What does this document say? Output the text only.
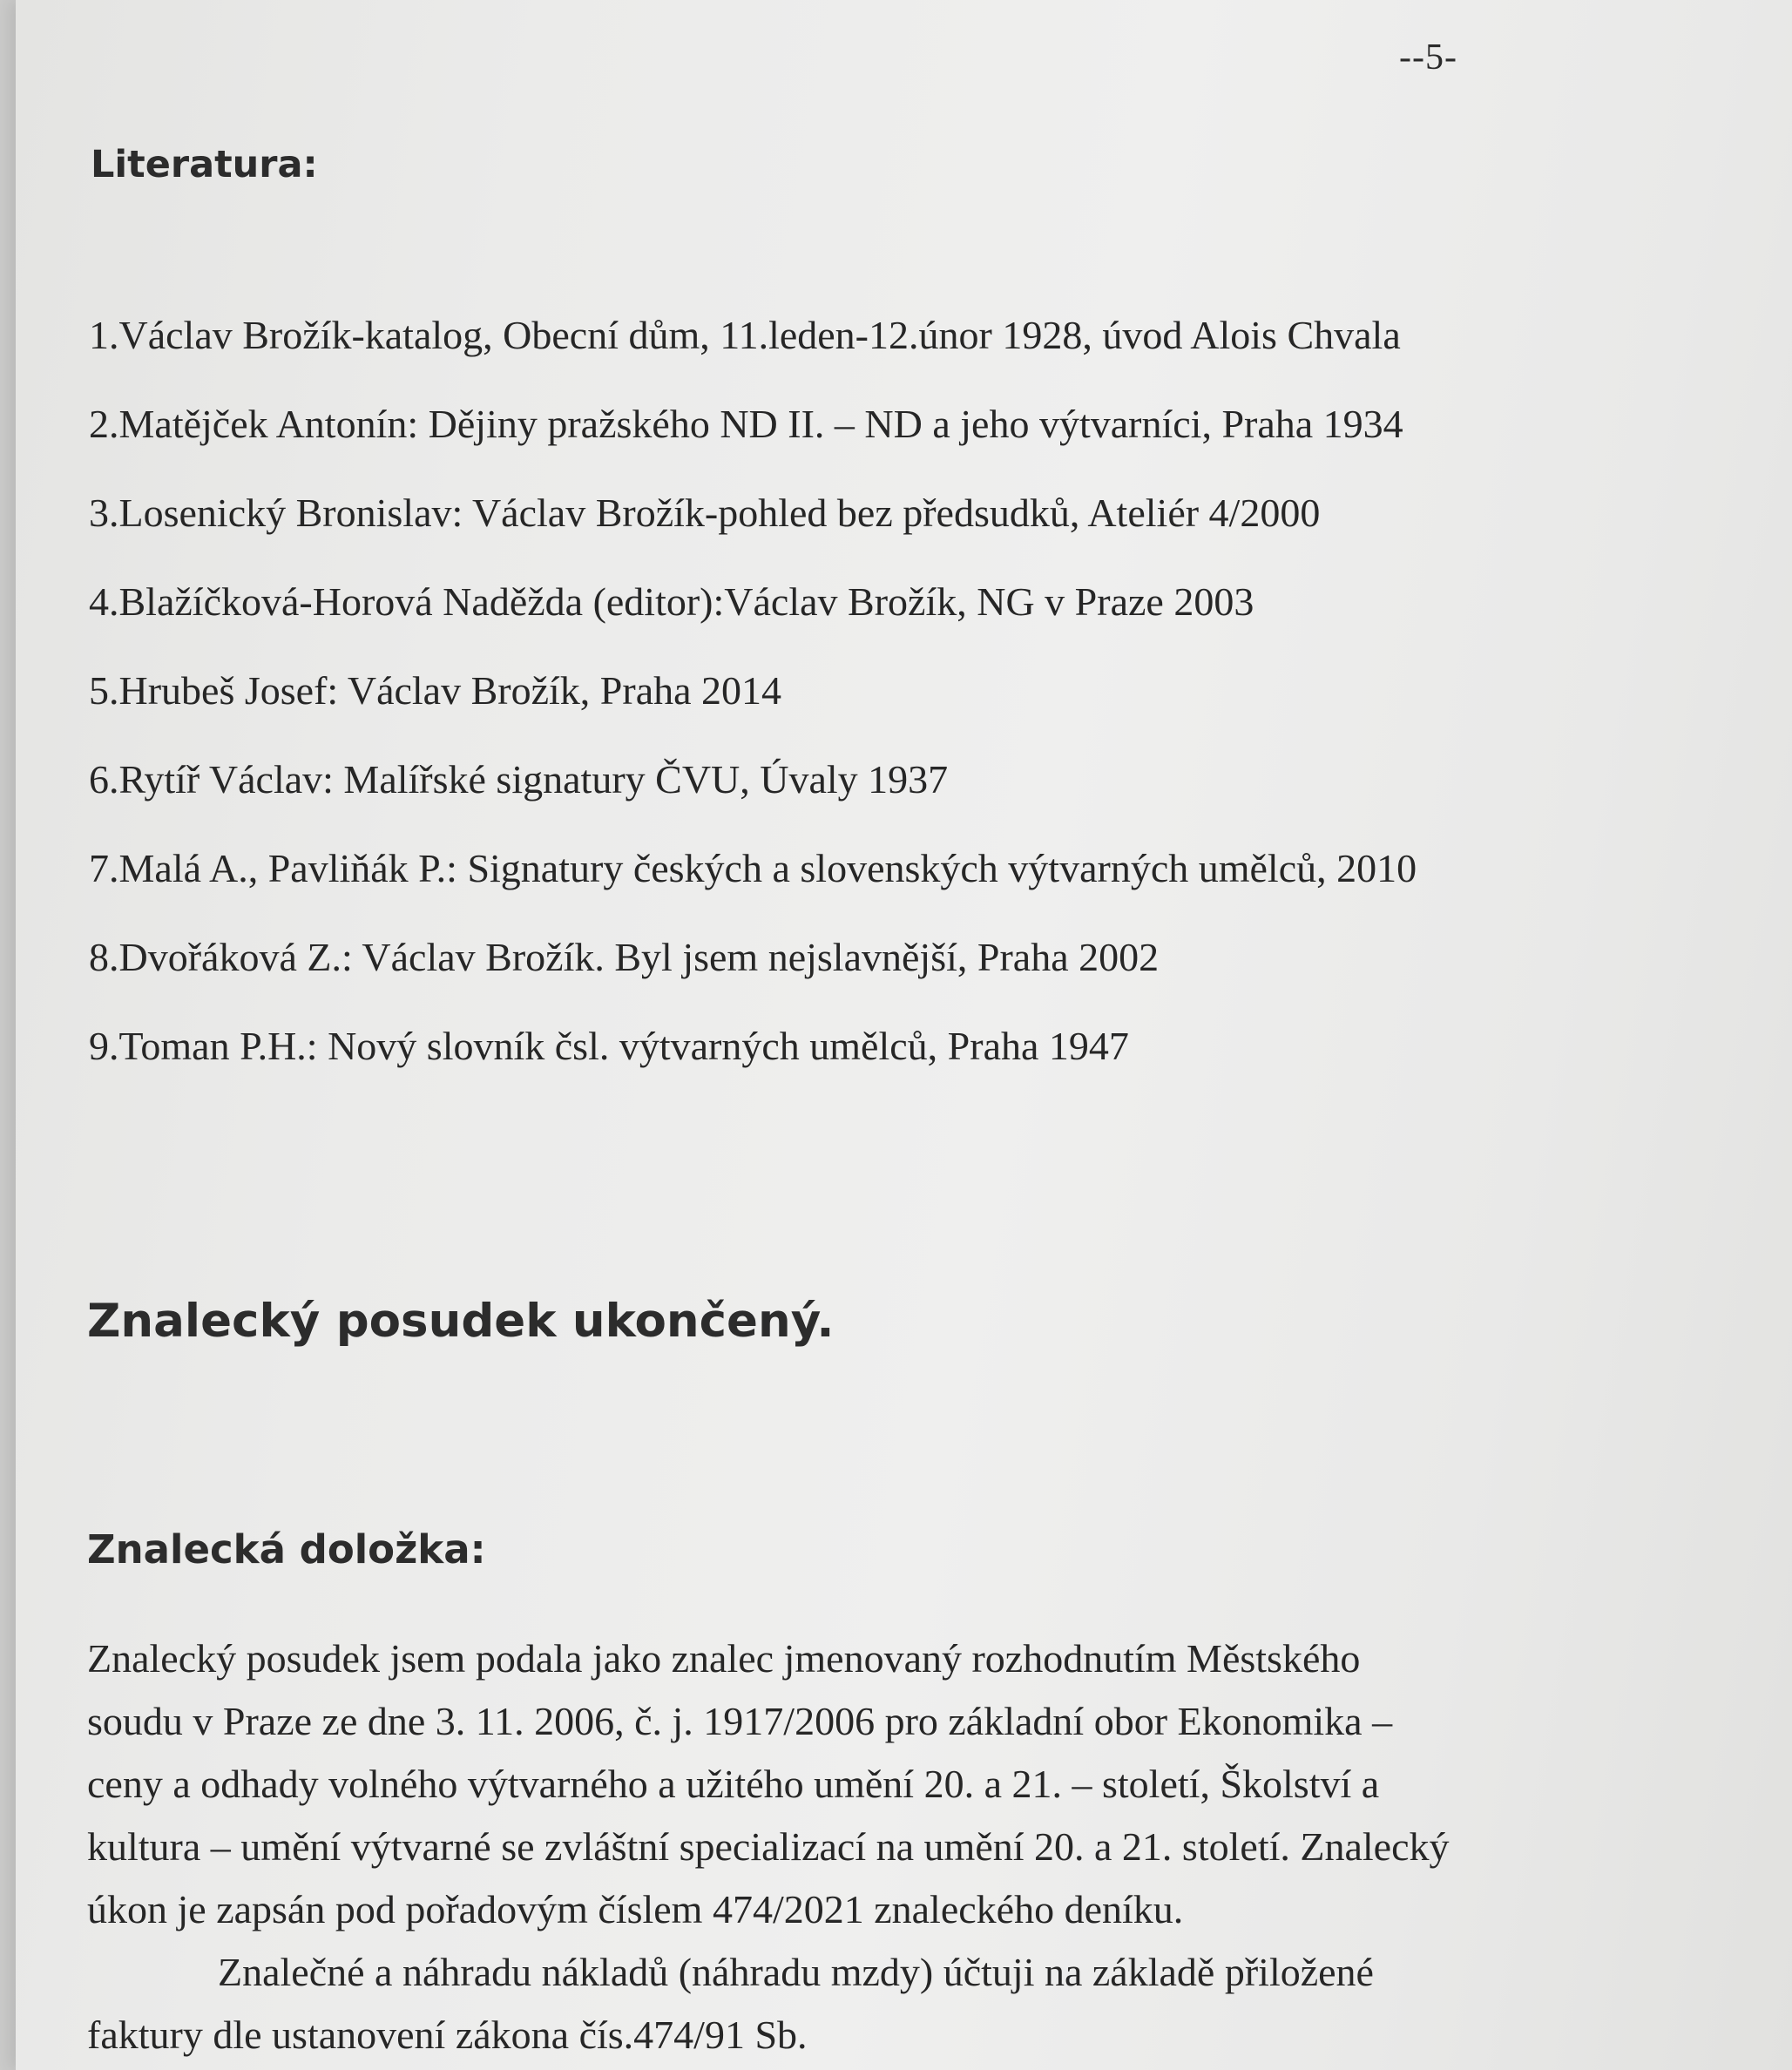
--5-
Literatura:
1.Václav Brožík-katalog, Obecní dům, 11.leden-12.únor 1928, úvod Alois Chvala
2.Matějček Antonín: Dějiny pražského ND II. – ND a jeho výtvarníci, Praha 1934
3.Losenický Bronislav: Václav Brožík-pohled bez předsudků, Ateliér 4/2000
4.Blažíčková-Horová Naděžda (editor):Václav Brožík, NG v Praze 2003
5.Hrubeš Josef: Václav Brožík, Praha 2014
6.Rytíř Václav: Malířské signatury ČVU, Úvaly 1937
7.Malá A., Pavliňák P.: Signatury českých a slovenských výtvarných umělců, 2010
8.Dvořáková Z.: Václav Brožík. Byl jsem nejslavnější, Praha 2002
9.Toman P.H.: Nový slovník čsl. výtvarných umělců, Praha 1947
Znalecký posudek ukončený.
Znalecká doložka:

Znalecký posudek jsem podala jako znalec jmenovaný rozhodnutím Městského
soudu v Praze ze dne 3. 11. 2006, č. j. 1917/2006 pro základní obor Ekonomika –
ceny a odhady volného výtvarného a užitého umění 20. a 21. – století, Školství a
kultura – umění výtvarné se zvláštní specializací na umění 20. a 21. století. Znalecký
úkon je zapsán pod pořadovým číslem 474/2021 znaleckého deníku.

Znalečné a náhradu nákladů (náhradu mzdy) účtuji na základě přiložené
faktury dle ustanovení zákona čís.474/91 Sb.
